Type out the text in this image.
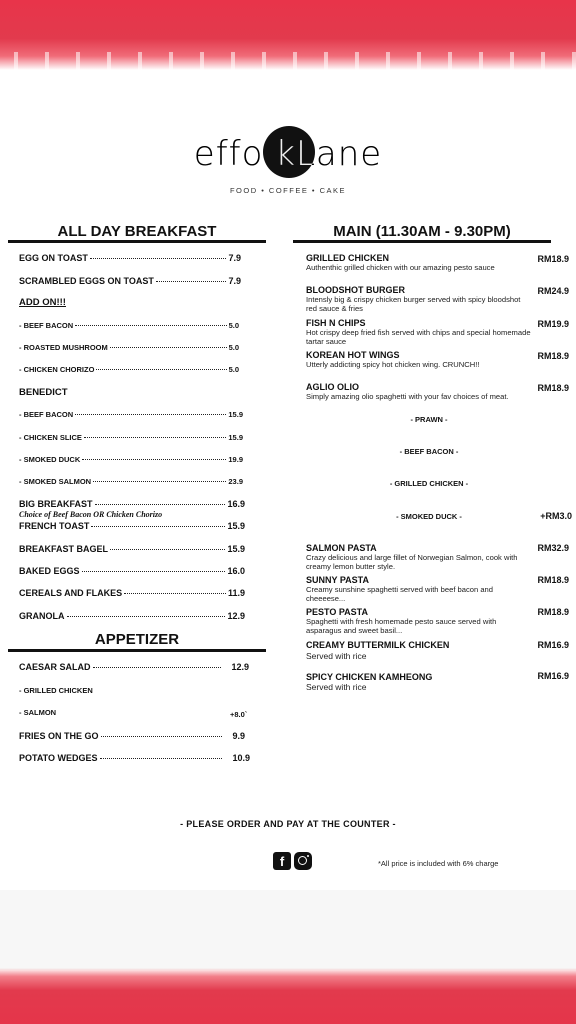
effo kLane
FOOD • COFFEE • CAKE
ALL DAY BREAKFAST
EGG ON TOAST	7.9
SCRAMBLED EGGS ON TOAST	7.9
ADD ON!!!
- BEEF BACON	5.0
- ROASTED MUSHROOM	5.0
- CHICKEN CHORIZO	5.0
BENEDICT
- BEEF BACON	15.9
- CHICKEN SLICE	15.9
- SMOKED DUCK	19.9
- SMOKED SALMON	23.9
BIG BREAKFAST	16.9
Choice of Beef Bacon OR Chicken Chorizo
FRENCH TOAST	15.9
BREAKFAST BAGEL	15.9
BAKED EGGS	16.0
CEREALS AND FLAKES	11.9
GRANOLA	12.9
APPETIZER
CAESAR SALAD	12.9
- GRILLED CHICKEN
- SALMON	+8.0`
FRIES ON THE GO	9.9
POTATO WEDGES	10.9
MAIN (11.30AM - 9.30PM)
GRILLED CHICKEN
Authenthic grilled chicken with our amazing pesto sauce
RM18.9
BLOODSHOT BURGER
Intensly big & crispy chicken burger served with spicy bloodshot red sauce & fries
RM24.9
FISH N CHIPS
Hot crispy deep fried fish served with chips and special homemade tartar sauce
RM19.9
KOREAN HOT WINGS
Utterly addicting spicy hot chicken wing. CRUNCH!!
RM18.9
AGLIO OLIO
Simply amazing olio spaghetti with your fav choices of meat.
RM18.9
- PRAWN -
- BEEF BACON -
- GRILLED CHICKEN -
- SMOKED DUCK -	+RM3.0
SALMON PASTA
Crazy delicious and large fillet of Norwegian Salmon, cook with creamy lemon butter style.
RM32.9
SUNNY PASTA
Creamy sunshine spaghetti served with beef bacon and cheeeese...
RM18.9
PESTO PASTA
Spaghetti with fresh homemade pesto sauce served with asparagus and sweet basil...
RM18.9
CREAMY BUTTERMILK CHICKEN
Served with rice
RM16.9
SPICY CHICKEN KAMHEONG
Served with rice
RM16.9
- PLEASE ORDER AND PAY AT THE COUNTER -
f	*All price is included with 6% charge
